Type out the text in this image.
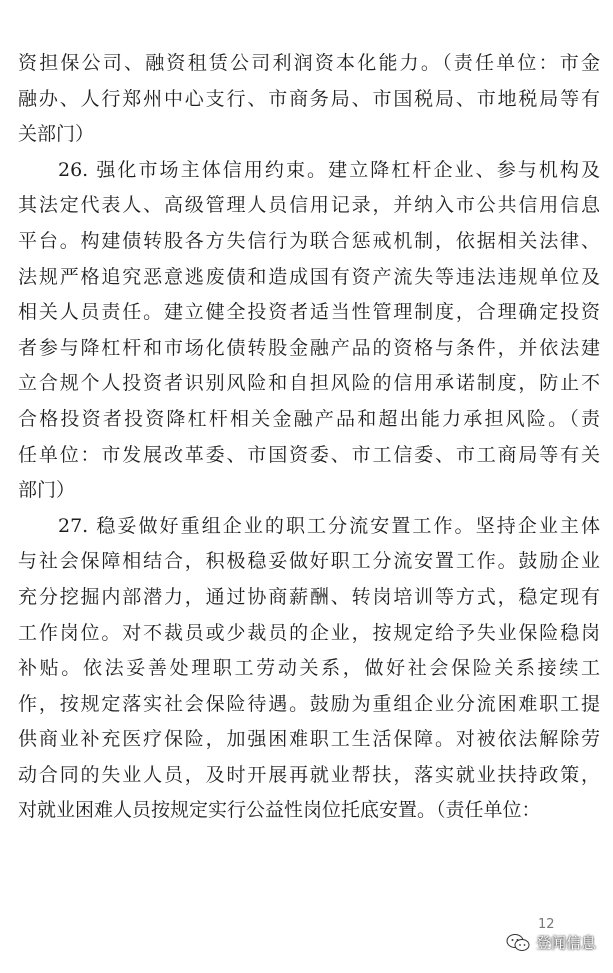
资担保公司、融资租赁公司利润资本化能力。（责任单位：市金
融办、人行郑州中心支行、市商务局、市国税局、市地税局等有
关部门）
26. 强化市场主体信用约束。建立降杠杆企业、参与机构及
其法定代表人、高级管理人员信用记录，并纳入市公共信用信息
平台。构建债转股各方失信行为联合惩戒机制，依据相关法律、
法规严格追究恶意逃废债和造成国有资产流失等违法违规单位及
相关人员责任。建立健全投资者适当性管理制度，合理确定投资
者参与降杠杆和市场化债转股金融产品的资格与条件，并依法建
立合规个人投资者识别风险和自担风险的信用承诺制度，防止不
合格投资者投资降杠杆相关金融产品和超出能力承担风险。（责
任单位：市发展改革委、市国资委、市工信委、市工商局等有关
部门）
27. 稳妥做好重组企业的职工分流安置工作。坚持企业主体
与社会保障相结合，积极稳妥做好职工分流安置工作。鼓励企业
充分挖掘内部潜力，通过协商薪酬、转岗培训等方式，稳定现有
工作岗位。对不裁员或少裁员的企业，按规定给予失业保险稳岗
补贴。依法妥善处理职工劳动关系，做好社会保险关系接续工
作，按规定落实社会保险待遇。鼓励为重组企业分流困难职工提
供商业补充医疗保险，加强困难职工生活保障。对被依法解除劳
动合同的失业人员，及时开展再就业帮扶，落实就业扶持政策，
对就业困难人员按规定实行公益性岗位托底安置。（责任单位：
12
登闻信息
